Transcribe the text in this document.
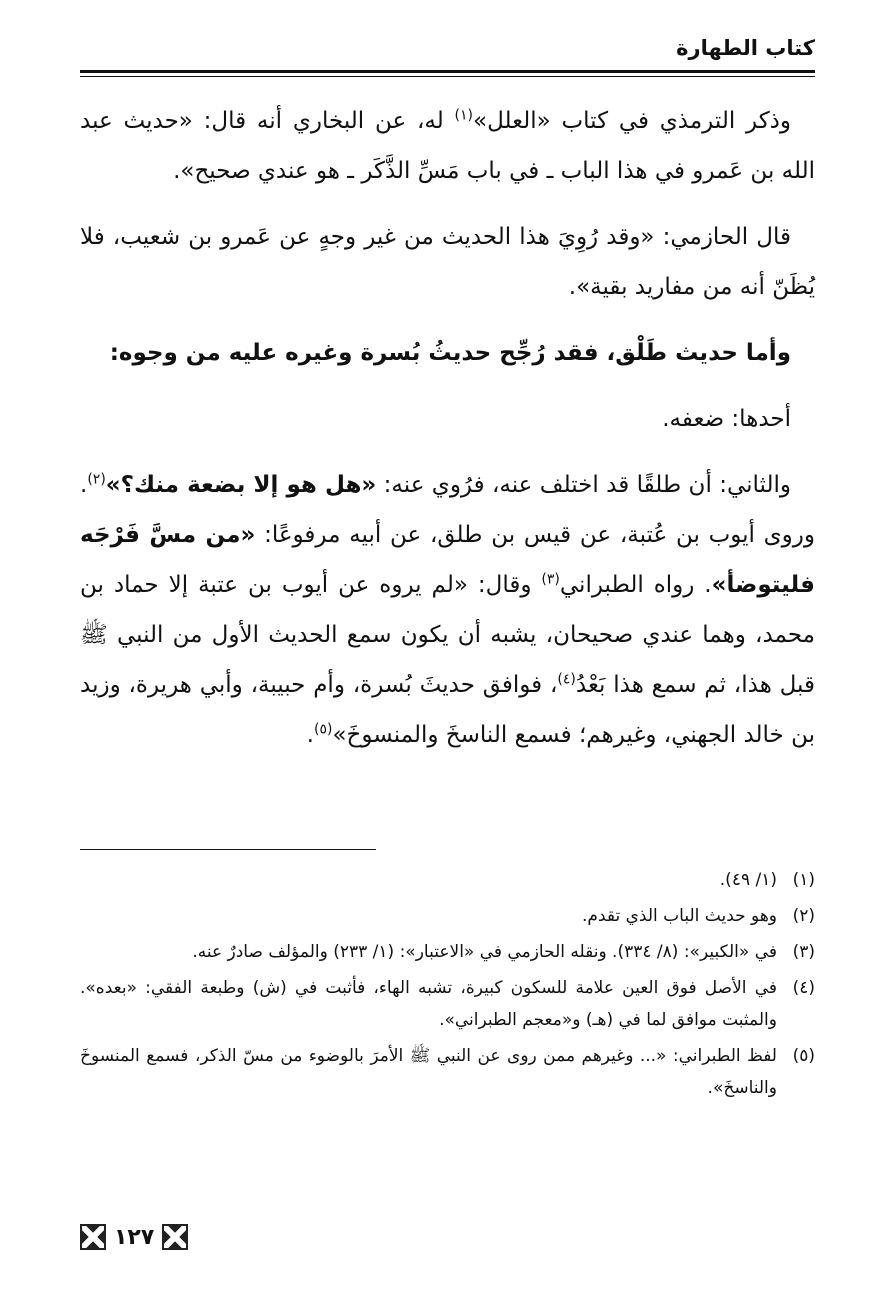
كتاب الطهارة

وذكر الترمذي في كتاب «العلل»$^{(١)}$ له، عن البخاري أنه قال: «حديث عبد الله بن عَمرو في هذا الباب ـ في باب مَسِّ الذَّكَر ـ هو عندي صحيح».

قال الحازمي: «وقد رُوِيَ هذا الحديث من غير وجهٍ عن عَمرو بن شعيب، فلا يُظَنّ أنه من مفاريد بقية».

وأما حديث طَلْق، فقد رُجِّح حديثُ بُسرة وغيره عليه من وجوه:

أحدها: ضعفه.

والثاني: أن طلقًا قد اختلف عنه، فرُوي عنه: «هل هو إلا بضعة منك؟»$^{(٢)}$. وروى أيوب بن عُتبة، عن قيس بن طلق، عن أبيه مرفوعًا: «من مسَّ فَرْجَه فليتوضأ». رواه الطبراني$^{(٣)}$ وقال: «لم يروه عن أيوب بن عتبة إلا حماد بن محمد، وهما عندي صحيحان، يشبه أن يكون سمع الحديث الأول من النبي ﷺ قبل هذا، ثم سمع هذا بَعْدُ$^{(٤)}$، فوافق حديثَ بُسرة، وأم حبيبة، وأبي هريرة، وزيد بن خالد الجهني، وغيرهم؛ فسمع الناسخَ والمنسوخَ»$^{(٥)}$.

(١)
(١/ ٤٩).
(٢)
وهو حديث الباب الذي تقدم.
(٣)
في «الكبير»: (٨/ ٣٣٤). ونقله الحازمي في «الاعتبار»: (١/ ٢٣٣) والمؤلف صادرٌ عنه.
(٤)
في الأصل فوق العين علامة للسكون كبيرة، تشبه الهاء، فأثبت في (ش) وطبعة الفقي: «بعده». والمثبت موافق لما في (هـ) و«معجم الطبراني».
(٥)
لفظ الطبراني: «... وغيرهم ممن روى عن النبي ﷺ الأمرَ بالوضوء من مسّ الذكر، فسمع المنسوخَ والناسخَ».
١٢٧
